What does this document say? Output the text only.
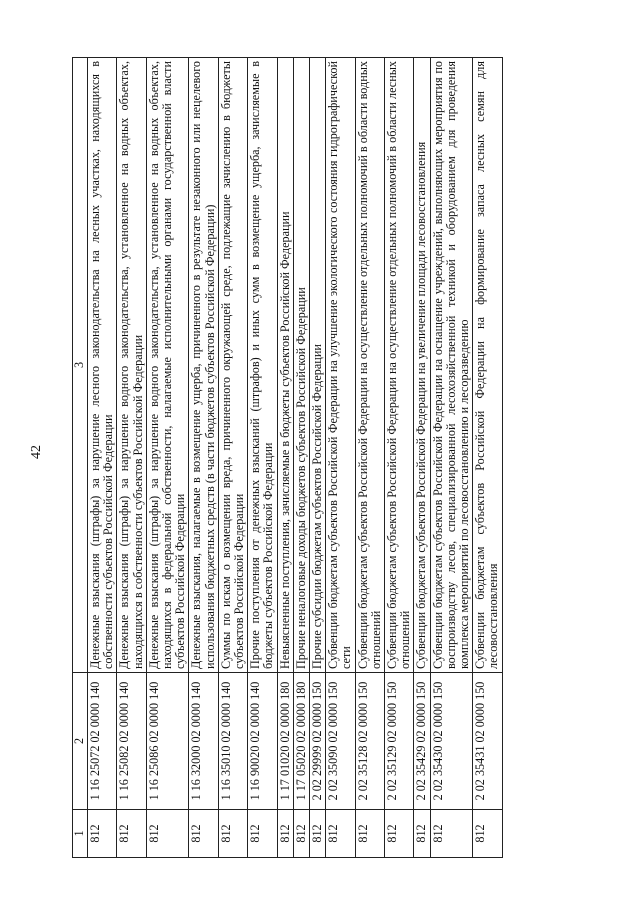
42
1	2	3
812	1 16 25072 02 0000 140	Денежные взыскания (штрафы) за нарушение лесного законодательства на лесных участках, находящихся в собственности субъектов Российской Федерации
812	1 16 25082 02 0000 140	Денежные взыскания (штрафы) за нарушение водного законодательства, установленное на водных объектах, находящихся в собственности субъектов Российской Федерации
812	1 16 25086 02 0000 140	Денежные взыскания (штрафы) за нарушение водного законодательства, установленное на водных объектах, находящихся в федеральной собственности, налагаемые исполнительными органами государственной власти субъектов Российской Федерации
812	1 16 32000 02 0000 140	Денежные взыскания, налагаемые в возмещение ущерба, причиненного в результате незаконного или нецелевого использования бюджетных средств (в части бюджетов субъектов Российской Федерации)
812	1 16 35010 02 0000 140	Суммы по искам о возмещении вреда, причиненного окружающей среде, подлежащие зачислению в бюджеты субъектов Российской Федерации
812	1 16 90020 02 0000 140	Прочие поступления от денежных взысканий (штрафов) и иных сумм в возмещение ущерба, зачисляемые в бюджеты субъектов Российской Федерации
812	1 17 01020 02 0000 180	Невыясненные поступления, зачисляемые в бюджеты субъектов Российской Федерации
812	1 17 05020 02 0000 180	Прочие неналоговые доходы бюджетов субъектов Российской Федерации
812	2 02 29999 02 0000 150	Прочие субсидии бюджетам субъектов Российской Федерации
812	2 02 35090 02 0000 150	Субвенции бюджетам субъектов Российской Федерации на улучшение экологического состояния гидрографической сети
812	2 02 35128 02 0000 150	Субвенции бюджетам субъектов Российской Федерации на осуществление отдельных полномочий в области водных отношений
812	2 02 35129 02 0000 150	Субвенции бюджетам субъектов Российской Федерации на осуществление отдельных полномочий в области лесных отношений
812	2 02 35429 02 0000 150	Субвенции бюджетам субъектов Российской Федерации на увеличение площади лесовосстановления
812	2 02 35430 02 0000 150	Субвенции бюджетам субъектов Российской Федерации на оснащение учреждений, выполняющих мероприятия по воспроизводству лесов, специализированной лесохозяйственной техникой и оборудованием для проведения комплекса мероприятий по лесовосстановлению и лесоразведению
812	2 02 35431 02 0000 150	Субвенции бюджетам субъектов Российской Федерации на формирование запаса лесных семян для лесовосстановления
